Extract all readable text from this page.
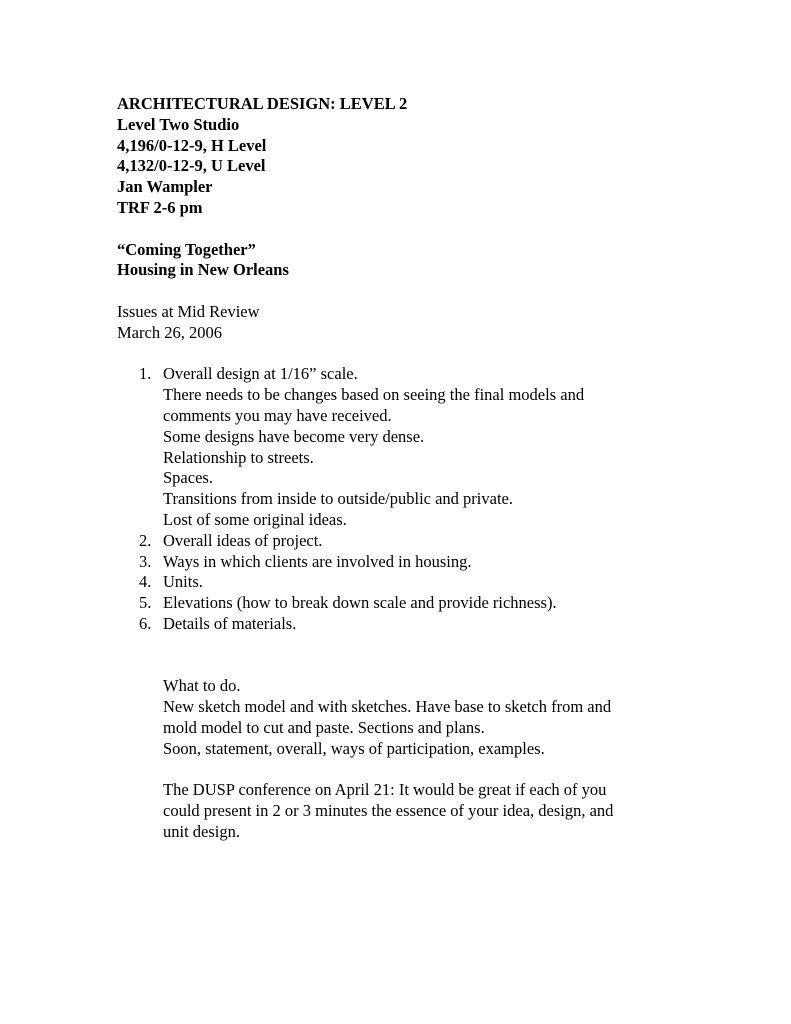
ARCHITECTURAL DESIGN: LEVEL 2
Level Two Studio
4,196/0-12-9, H Level
4,132/0-12-9, U Level
Jan Wampler
TRF 2-6 pm
“Coming Together”
Housing in New Orleans
Issues at Mid Review
March 26, 2006
1. Overall design at 1/16” scale.
There needs to be changes based on seeing the final models and
comments you may have received.
Some designs have become very dense.
Relationship to streets.
Spaces.
Transitions from inside to outside/public and private.
Lost of some original ideas.
2. Overall ideas of project.
3. Ways in which clients are involved in housing.
4. Units.
5. Elevations (how to break down scale and provide richness).
6. Details of materials.
What to do.
New sketch model and with sketches. Have base to sketch from and
mold model to cut and paste. Sections and plans.
Soon, statement, overall, ways of participation, examples.
The DUSP conference on April 21: It would be great if each of you
could present in 2 or 3 minutes the essence of your idea, design, and
unit design.
